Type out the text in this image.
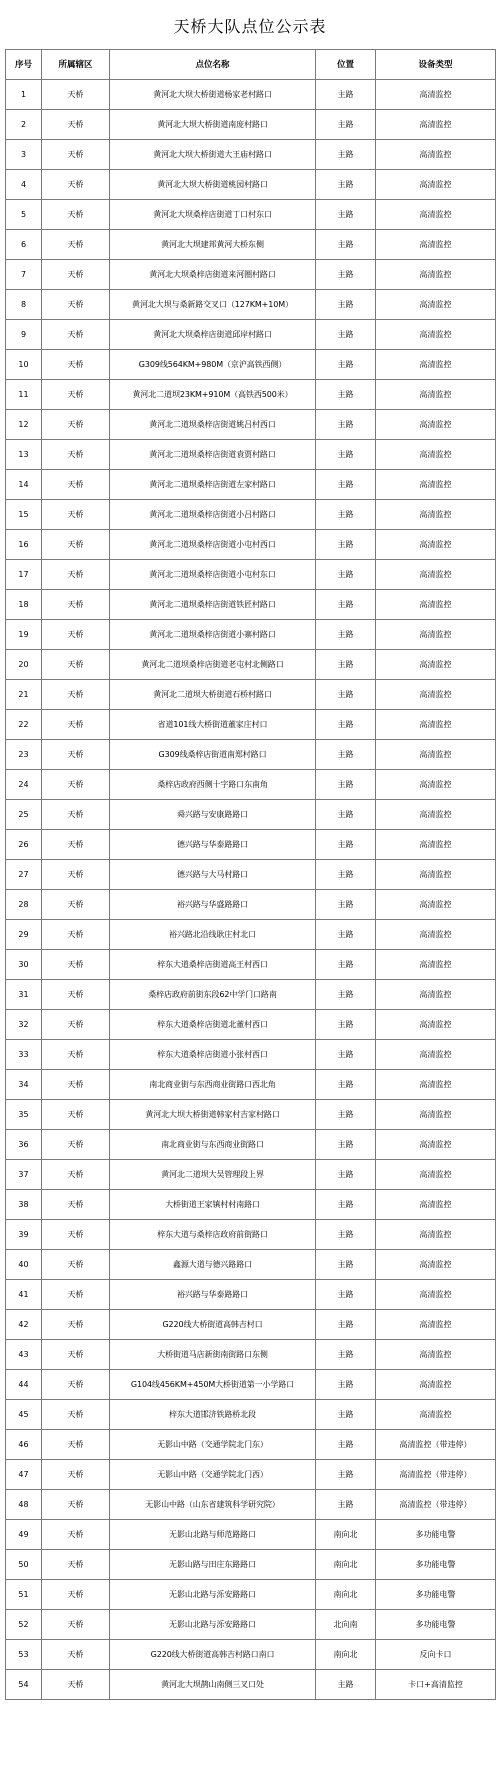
天桥大队点位公示表
序号	所属辖区	点位名称	位置	设备类型
1	天桥	黄河北大坝大桥街道杨家老村路口	主路	高清监控
2	天桥	黄河北大坝大桥街道南庞村路口	主路	高清监控
3	天桥	黄河北大坝大桥街道大王庙村路口	主路	高清监控
4	天桥	黄河北大坝大桥街道桃园村路口	主路	高清监控
5	天桥	黄河北大坝桑梓店街道丁口村东口	主路	高清监控
6	天桥	黄河北大坝建邦黄河大桥东侧	主路	高清监控
7	天桥	黄河北大坝桑梓店街道来河圈村路口	主路	高清监控
8	天桥	黄河北大坝与桑新路交叉口（127KM+10M）	主路	高清监控
9	天桥	黄河北大坝桑梓店街道邱岸村路口	主路	高清监控
10	天桥	G309线564KM+980M（京沪高铁西侧）	主路	高清监控
11	天桥	黄河北二道坝23KM+910M（高铁西500米）	主路	高清监控
12	天桥	黄河北二道坝桑梓店街道姚吕村西口	主路	高清监控
13	天桥	黄河北二道坝桑梓店街道袁贾村路口	主路	高清监控
14	天桥	黄河北二道坝桑梓店街道左家村路口	主路	高清监控
15	天桥	黄河北二道坝桑梓店街道小吕村路口	主路	高清监控
16	天桥	黄河北二道坝桑梓店街道小屯村西口	主路	高清监控
17	天桥	黄河北二道坝桑梓店街道小屯村东口	主路	高清监控
18	天桥	黄河北二道坝桑梓店街道铁匠村路口	主路	高清监控
19	天桥	黄河北二道坝桑梓店街道小寨村路口	主路	高清监控
20	天桥	黄河北二道坝桑梓店街道老屯村北侧路口	主路	高清监控
21	天桥	黄河北二道坝大桥街道石桥村路口	主路	高清监控
22	天桥	省道101线大桥街道董家庄村口	主路	高清监控
23	天桥	G309线桑梓店街道南郑村路口	主路	高清监控
24	天桥	桑梓店政府西侧十字路口东南角	主路	高清监控
25	天桥	舜兴路与安康路路口	主路	高清监控
26	天桥	德兴路与华泰路路口	主路	高清监控
27	天桥	德兴路与大马村路口	主路	高清监控
28	天桥	裕兴路与华盛路路口	主路	高清监控
29	天桥	裕兴路北沿线耿庄村北口	主路	高清监控
30	天桥	梓东大道桑梓店街道高王村西口	主路	高清监控
31	天桥	桑梓店政府前街东段62中学门口路南	主路	高清监控
32	天桥	梓东大道桑梓店街道北董村西口	主路	高清监控
33	天桥	梓东大道桑梓店街道小张村西口	主路	高清监控
34	天桥	南北商业街与东西商业街路口西北角	主路	高清监控
35	天桥	黄河北大坝大桥街道韩家村吉家村路口	主路	高清监控
36	天桥	南北商业街与东西商业街路口	主路	高清监控
37	天桥	黄河北二道坝大吴管理段上界	主路	高清监控
38	天桥	大桥街道王家镇村村南路口	主路	高清监控
39	天桥	梓东大道与桑梓店政府前街路口	主路	高清监控
40	天桥	鑫源大道与德兴路路口	主路	高清监控
41	天桥	裕兴路与华泰路路口	主路	高清监控
42	天桥	G220线大桥街道高韩吉村口	主路	高清监控
43	天桥	大桥街道马店新街南街路口东侧	主路	高清监控
44	天桥	G104线456KM+450M大桥街道第一小学路口	主路	高清监控
45	天桥	梓东大道邯济铁路桥北段	主路	高清监控
46	天桥	无影山中路（交通学院北门东）	主路	高清监控（带违停）
47	天桥	无影山中路（交通学院北门西）	主路	高清监控（带违停）
48	天桥	无影山中路（山东省建筑科学研究院）	主路	高清监控（带违停）
49	天桥	无影山北路与师范路路口	南向北	多功能电警
50	天桥	无影山路与田庄东路路口	南向北	多功能电警
51	天桥	无影山北路与泺安路路口	南向北	多功能电警
52	天桥	无影山北路与泺安路路口	北向南	多功能电警
53	天桥	G220线大桥街道高韩吉村路口南口	南向北	反向卡口
54	天桥	黄河北大坝鹊山南侧三叉口处	主路	卡口+高清监控
